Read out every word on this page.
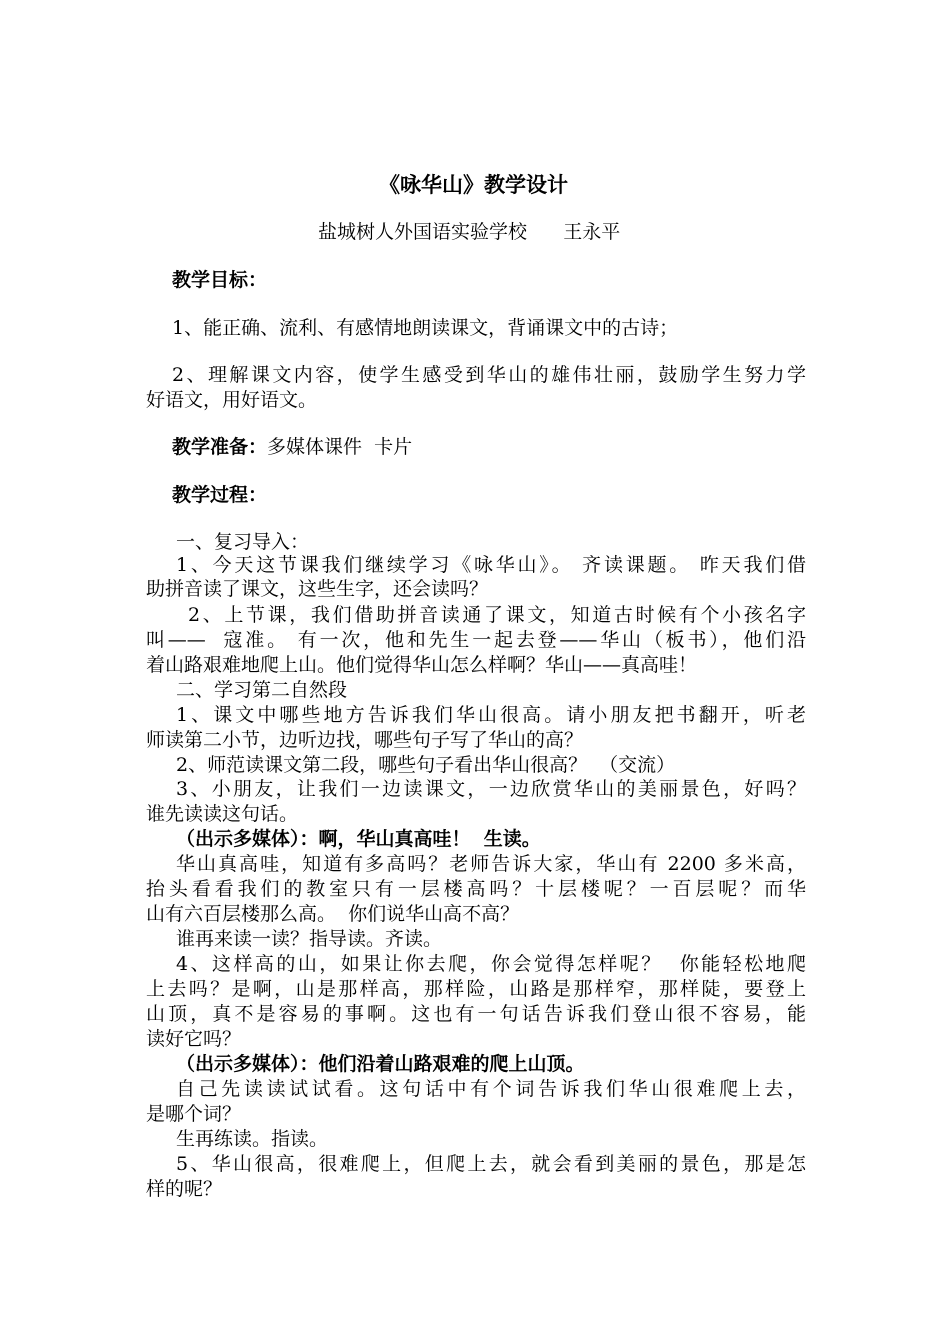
《咏华山》教学设计
盐城树人外国语实验学校      王永平
教学目标：
1、能正确、流利、有感情地朗读课文，背诵课文中的古诗；
2、理解课文内容，使学生感受到华山的雄伟壮丽，鼓励学生努力学
好语文，用好语文。
教学准备：多媒体课件  卡片
教学过程：
一、复习导入：
1、今天这节课我们继续学习《咏华山》。 齐读课题。 昨天我们借
助拼音读了课文，这些生字，还会读吗？
2、上节课，我们借助拼音读通了课文，知道古时候有个小孩名字
叫——  寇准。 有一次，他和先生一起去登——华山（板书），他们沿
着山路艰难地爬上山。他们觉得华山怎么样啊？华山——真高哇！
二、学习第二自然段
1、课文中哪些地方告诉我们华山很高。请小朋友把书翻开，听老
师读第二小节，边听边找，哪些句子写了华山的高？
2、师范读课文第二段，哪些句子看出华山很高？  （交流）
3、小朋友，让我们一边读课文，一边欣赏华山的美丽景色，好吗？
谁先读读这句话。
（出示多媒体）：啊，华山真高哇！  生读。
华山真高哇，知道有多高吗？老师告诉大家，华山有 2200 多米高，
抬头看看我们的教室只有一层楼高吗？十层楼呢？一百层呢？而华
山有六百层楼那么高。  你们说华山高不高？
谁再来读一读？指导读。齐读。
4、这样高的山，如果让你去爬，你会觉得怎样呢？  你能轻松地爬
上去吗？是啊，山是那样高，那样险，山路是那样窄，那样陡，要登上
山顶，真不是容易的事啊。这也有一句话告诉我们登山很不容易，能
读好它吗？
（出示多媒体）：他们沿着山路艰难的爬上山顶。
自己先读读试试看。这句话中有个词告诉我们华山很难爬上去，
是哪个词？
生再练读。指读。
5、华山很高，很难爬上，但爬上去，就会看到美丽的景色，那是怎
样的呢？
